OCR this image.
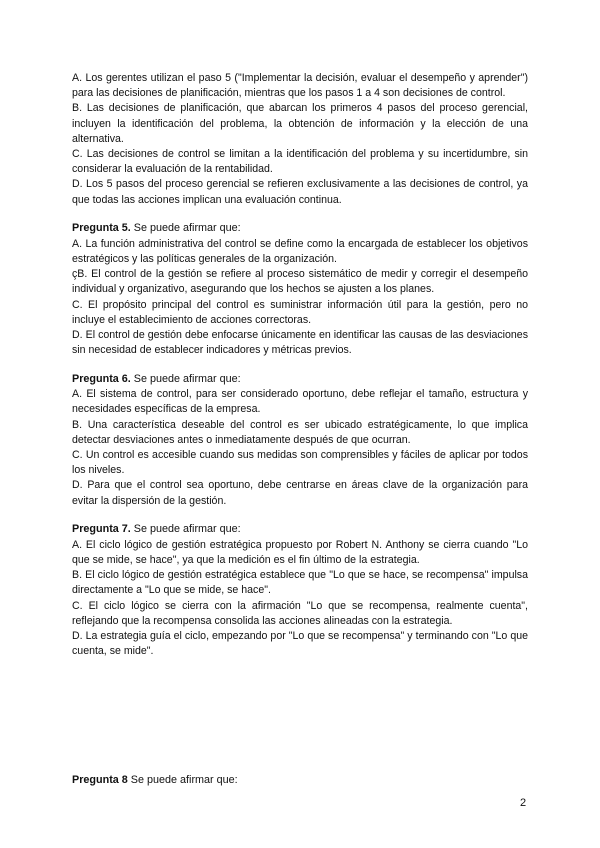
A. Los gerentes utilizan el paso 5 ("Implementar la decisión, evaluar el desempeño y aprender") para las decisiones de planificación, mientras que los pasos 1 a 4 son decisiones de control.

B. Las decisiones de planificación, que abarcan los primeros 4 pasos del proceso gerencial, incluyen la identificación del problema, la obtención de información y la elección de una alternativa.

C. Las decisiones de control se limitan a la identificación del problema y su incertidumbre, sin considerar la evaluación de la rentabilidad.

D. Los 5 pasos del proceso gerencial se refieren exclusivamente a las decisiones de control, ya que todas las acciones implican una evaluación continua.

Pregunta 5. Se puede afirmar que:

A. La función administrativa del control se define como la encargada de establecer los objetivos estratégicos y las políticas generales de la organización.

çB. El control de la gestión se refiere al proceso sistemático de medir y corregir el desempeño individual y organizativo, asegurando que los hechos se ajusten a los planes.

C. El propósito principal del control es suministrar información útil para la gestión, pero no incluye el establecimiento de acciones correctoras.

D. El control de gestión debe enfocarse únicamente en identificar las causas de las desviaciones sin necesidad de establecer indicadores y métricas previos.

Pregunta 6. Se puede afirmar que:

A. El sistema de control, para ser considerado oportuno, debe reflejar el tamaño, estructura y necesidades específicas de la empresa.

B. Una característica deseable del control es ser ubicado estratégicamente, lo que implica detectar desviaciones antes o inmediatamente después de que ocurran.

C. Un control es accesible cuando sus medidas son comprensibles y fáciles de aplicar por todos los niveles.

D. Para que el control sea oportuno, debe centrarse en áreas clave de la organización para evitar la dispersión de la gestión.

Pregunta 7. Se puede afirmar que:

A. El ciclo lógico de gestión estratégica propuesto por Robert N. Anthony se cierra cuando "Lo que se mide, se hace", ya que la medición es el fin último de la estrategia.

B. El ciclo lógico de gestión estratégica establece que "Lo que se hace, se recompensa" impulsa directamente a "Lo que se mide, se hace".

C. El ciclo lógico se cierra con la afirmación "Lo que se recompensa, realmente cuenta", reflejando que la recompensa consolida las acciones alineadas con la estrategia.

D. La estrategia guía el ciclo, empezando por "Lo que se recompensa" y terminando con "Lo que cuenta, se mide".

Pregunta 8 Se puede afirmar que:

2
